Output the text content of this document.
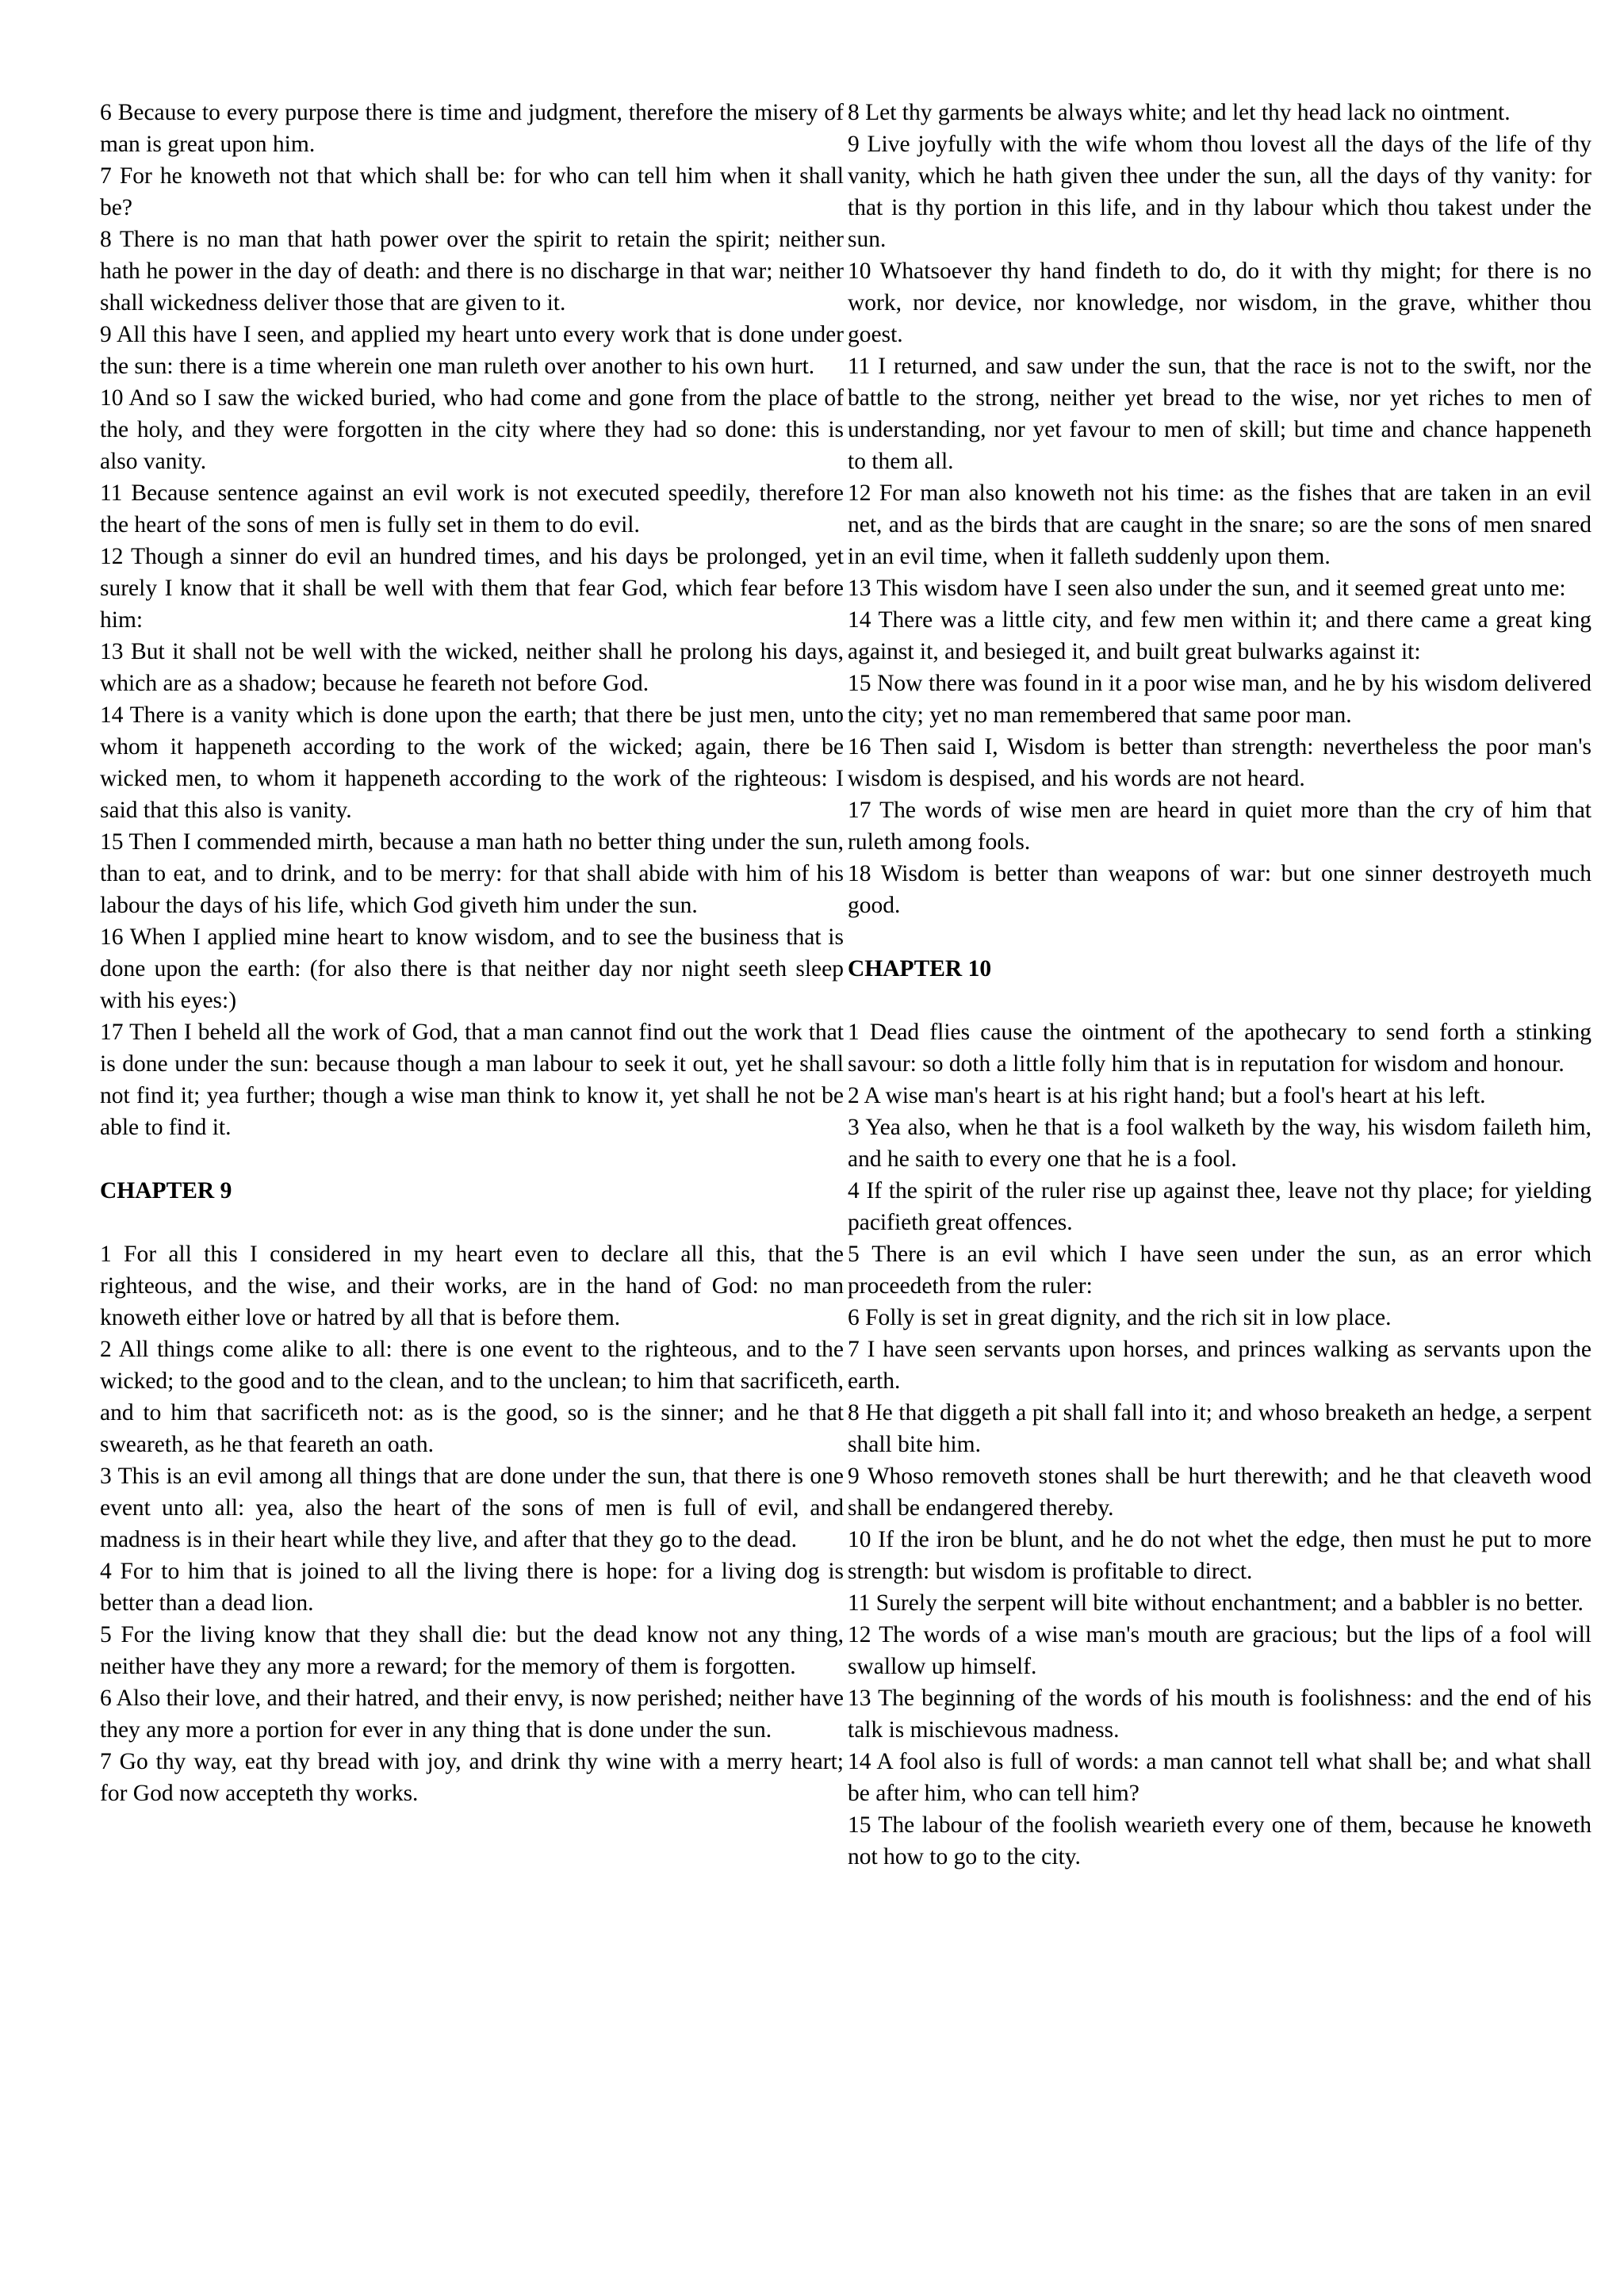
6 Because to every purpose there is time and judgment, therefore the misery of man is great upon him.

7 For he knoweth not that which shall be: for who can tell him when it shall be?

8 There is no man that hath power over the spirit to retain the spirit; neither hath he power in the day of death: and there is no discharge in that war; neither shall wickedness deliver those that are given to it.

9 All this have I seen, and applied my heart unto every work that is done under the sun: there is a time wherein one man ruleth over another to his own hurt.

10 And so I saw the wicked buried, who had come and gone from the place of the holy, and they were forgotten in the city where they had so done: this is also vanity.

11 Because sentence against an evil work is not executed speedily, therefore the heart of the sons of men is fully set in them to do evil.

12 Though a sinner do evil an hundred times, and his days be prolonged, yet surely I know that it shall be well with them that fear God, which fear before him:

13 But it shall not be well with the wicked, neither shall he prolong his days, which are as a shadow; because he feareth not before God.

14 There is a vanity which is done upon the earth; that there be just men, unto whom it happeneth according to the work of the wicked; again, there be wicked men, to whom it happeneth according to the work of the righteous: I said that this also is vanity.

15 Then I commended mirth, because a man hath no better thing under the sun, than to eat, and to drink, and to be merry: for that shall abide with him of his labour the days of his life, which God giveth him under the sun.

16 When I applied mine heart to know wisdom, and to see the business that is done upon the earth: (for also there is that neither day nor night seeth sleep with his eyes:)

17 Then I beheld all the work of God, that a man cannot find out the work that is done under the sun: because though a man labour to seek it out, yet he shall not find it; yea further; though a wise man think to know it, yet shall he not be able to find it.

CHAPTER 9

1 For all this I considered in my heart even to declare all this, that the righteous, and the wise, and their works, are in the hand of God: no man knoweth either love or hatred by all that is before them.

2 All things come alike to all: there is one event to the righteous, and to the wicked; to the good and to the clean, and to the unclean; to him that sacrificeth, and to him that sacrificeth not: as is the good, so is the sinner; and he that sweareth, as he that feareth an oath.

3 This is an evil among all things that are done under the sun, that there is one event unto all: yea, also the heart of the sons of men is full of evil, and madness is in their heart while they live, and after that they go to the dead.

4 For to him that is joined to all the living there is hope: for a living dog is better than a dead lion.

5 For the living know that they shall die: but the dead know not any thing, neither have they any more a reward; for the memory of them is forgotten.

6 Also their love, and their hatred, and their envy, is now perished; neither have they any more a portion for ever in any thing that is done under the sun.

7 Go thy way, eat thy bread with joy, and drink thy wine with a merry heart; for God now accepteth thy works.

8 Let thy garments be always white; and let thy head lack no ointment.

9 Live joyfully with the wife whom thou lovest all the days of the life of thy vanity, which he hath given thee under the sun, all the days of thy vanity: for that is thy portion in this life, and in thy labour which thou takest under the sun.

10 Whatsoever thy hand findeth to do, do it with thy might; for there is no work, nor device, nor knowledge, nor wisdom, in the grave, whither thou goest.

11 I returned, and saw under the sun, that the race is not to the swift, nor the battle to the strong, neither yet bread to the wise, nor yet riches to men of understanding, nor yet favour to men of skill; but time and chance happeneth to them all.

12 For man also knoweth not his time: as the fishes that are taken in an evil net, and as the birds that are caught in the snare; so are the sons of men snared in an evil time, when it falleth suddenly upon them.

13 This wisdom have I seen also under the sun, and it seemed great unto me:

14 There was a little city, and few men within it; and there came a great king against it, and besieged it, and built great bulwarks against it:

15 Now there was found in it a poor wise man, and he by his wisdom delivered the city; yet no man remembered that same poor man.

16 Then said I, Wisdom is better than strength: nevertheless the poor man's wisdom is despised, and his words are not heard.

17 The words of wise men are heard in quiet more than the cry of him that ruleth among fools.

18 Wisdom is better than weapons of war: but one sinner destroyeth much good.

CHAPTER 10

1 Dead flies cause the ointment of the apothecary to send forth a stinking savour: so doth a little folly him that is in reputation for wisdom and honour.

2 A wise man's heart is at his right hand; but a fool's heart at his left.

3 Yea also, when he that is a fool walketh by the way, his wisdom faileth him, and he saith to every one that he is a fool.

4 If the spirit of the ruler rise up against thee, leave not thy place; for yielding pacifieth great offences.

5 There is an evil which I have seen under the sun, as an error which proceedeth from the ruler:

6 Folly is set in great dignity, and the rich sit in low place.

7 I have seen servants upon horses, and princes walking as servants upon the earth.

8 He that diggeth a pit shall fall into it; and whoso breaketh an hedge, a serpent shall bite him.

9 Whoso removeth stones shall be hurt therewith; and he that cleaveth wood shall be endangered thereby.

10 If the iron be blunt, and he do not whet the edge, then must he put to more strength: but wisdom is profitable to direct.

11 Surely the serpent will bite without enchantment; and a babbler is no better.

12 The words of a wise man's mouth are gracious; but the lips of a fool will swallow up himself.

13 The beginning of the words of his mouth is foolishness: and the end of his talk is mischievous madness.

14 A fool also is full of words: a man cannot tell what shall be; and what shall be after him, who can tell him?

15 The labour of the foolish wearieth every one of them, because he knoweth not how to go to the city.
